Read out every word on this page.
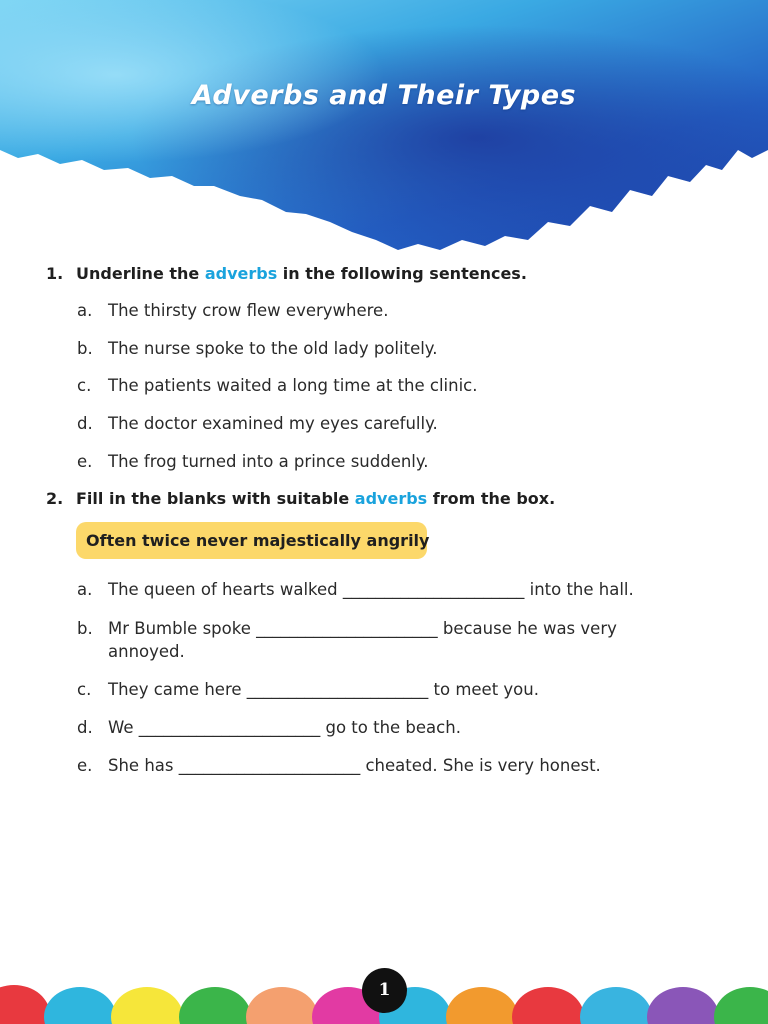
Adverbs and Their Types
1. Underline the adverbs in the following sentences.
a. The thirsty crow flew everywhere.
b. The nurse spoke to the old lady politely.
c. The patients waited a long time at the clinic.
d. The doctor examined my eyes carefully.
e. The frog turned into a prince suddenly.
2. Fill in the blanks with suitable adverbs from the box.
Often twice never majestically angrily
a. The queen of hearts walked ______________________ into the hall.
b. Mr Bumble spoke ______________________ because he was very annoyed.
c. They came here ______________________ to meet you.
d. We ______________________ go to the beach.
e. She has ______________________ cheated. She is very honest.
1
